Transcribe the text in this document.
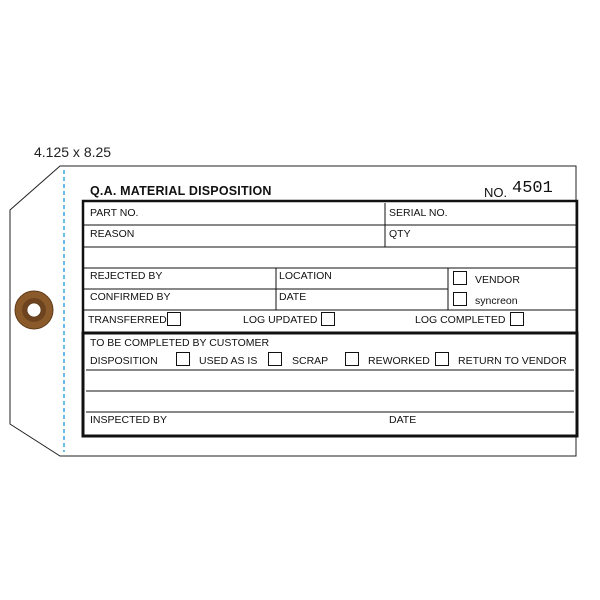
4.125 x 8.25
Q.A. MATERIAL DISPOSITION	NO. 4501
PART NO.	SERIAL NO.
REASON	QTY
REJECTED BY	LOCATION	VENDOR
CONFIRMED BY	DATE	syncreon
TRANSFERRED	LOG UPDATED	LOG COMPLETED
TO BE COMPLETED BY CUSTOMER
DISPOSITION	USED AS IS	SCRAP	REWORKED	RETURN TO VENDOR
INSPECTED BY	DATE
